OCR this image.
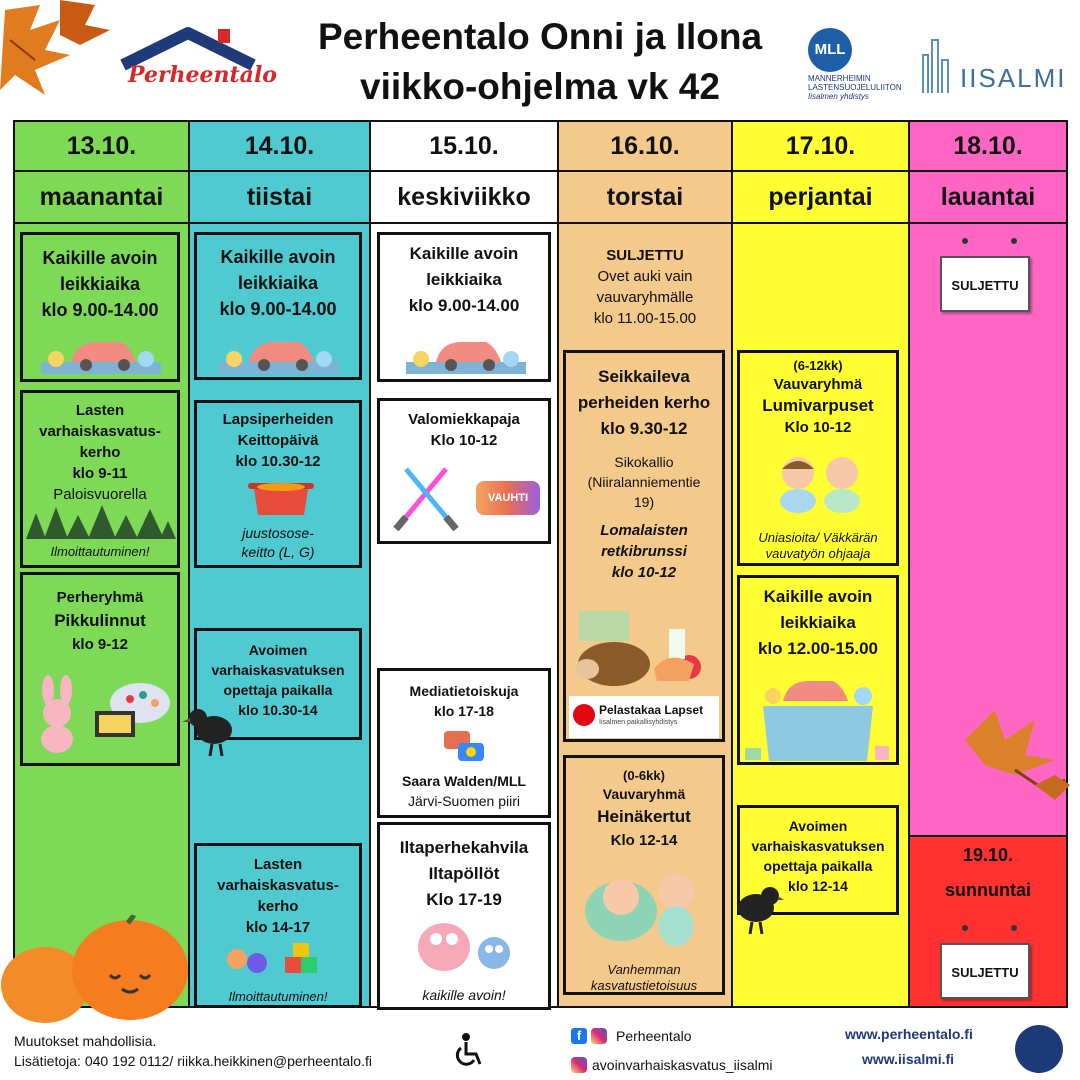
Perheentalo
Perheentalo Onni ja Ilona
viikko-ohjelma vk 42
MLL
MANNERHEIMIN
LASTENSUOJELULIITON
Iisalmen yhdistys
IISALMI
13.10.
maanantai
14.10.
tiistai
15.10.
keskiviikko
16.10.
torstai
17.10.
perjantai
18.10.
lauantai
19.10.
sunnuntai
Kaikille avoin
leikkiaika
klo 9.00-14.00
Lasten
varhaiskasvatus-
kerho
klo 9-11
Paloisvuorella
Ilmoittautuminen!
Perheryhmä
Pikkulinnut
klo 9-12
Kaikille avoin
leikkiaika
klo 9.00-14.00
Lapsiperheiden
Keittopäivä
klo 10.30-12
juustosose-
keitto (L, G)
Avoimen
varhaiskasvatuksen
opettaja paikalla
klo 10.30-14
Lasten
varhaiskasvatus-
kerho
klo 14-17
Ilmoittautuminen!
Kaikille avoin
leikkiaika
klo 9.00-14.00
Valomiekkapaja
Klo 10-12
VAUHTI
Mediatietoiskuja
klo 17-18
Saara Walden/MLL
Järvi-Suomen piiri
Iltaperhekahvila
Iltapöllöt
Klo 17-19
kaikille avoin!
SULJETTU
Ovet auki vain
vauvaryhmälle
klo 11.00-15.00
Seikkaileva
perheiden kerho
klo 9.30-12
Sikokallio
(Niiralanniementie
19)
Lomalaisten
retkibrunssi
klo 10-12
Pelastakaa Lapset
Iisalmen paikallisyhdistys
(0-6kk)
Vauvaryhmä
Heinäkertut
Klo 12-14
Vanhemman
kasvatustietoisuus
(6-12kk)
Vauvaryhmä
Lumivarpuset
Klo 10-12
Uniasioita/ Väkkärän
vauvatyön ohjaaja
Kaikille avoin
leikkiaika
klo 12.00-15.00
Avoimen
varhaiskasvatuksen
opettaja paikalla
klo 12-14
SULJETTU
SULJETTU
Muutokset mahdollisia.
Lisätietoja: 040 192 0112/ riikka.heikkinen@perheentalo.fi
f	Perheentalo
avoinvarhaiskasvatus_iisalmi
www.perheentalo.fi
www.iisalmi.fi
